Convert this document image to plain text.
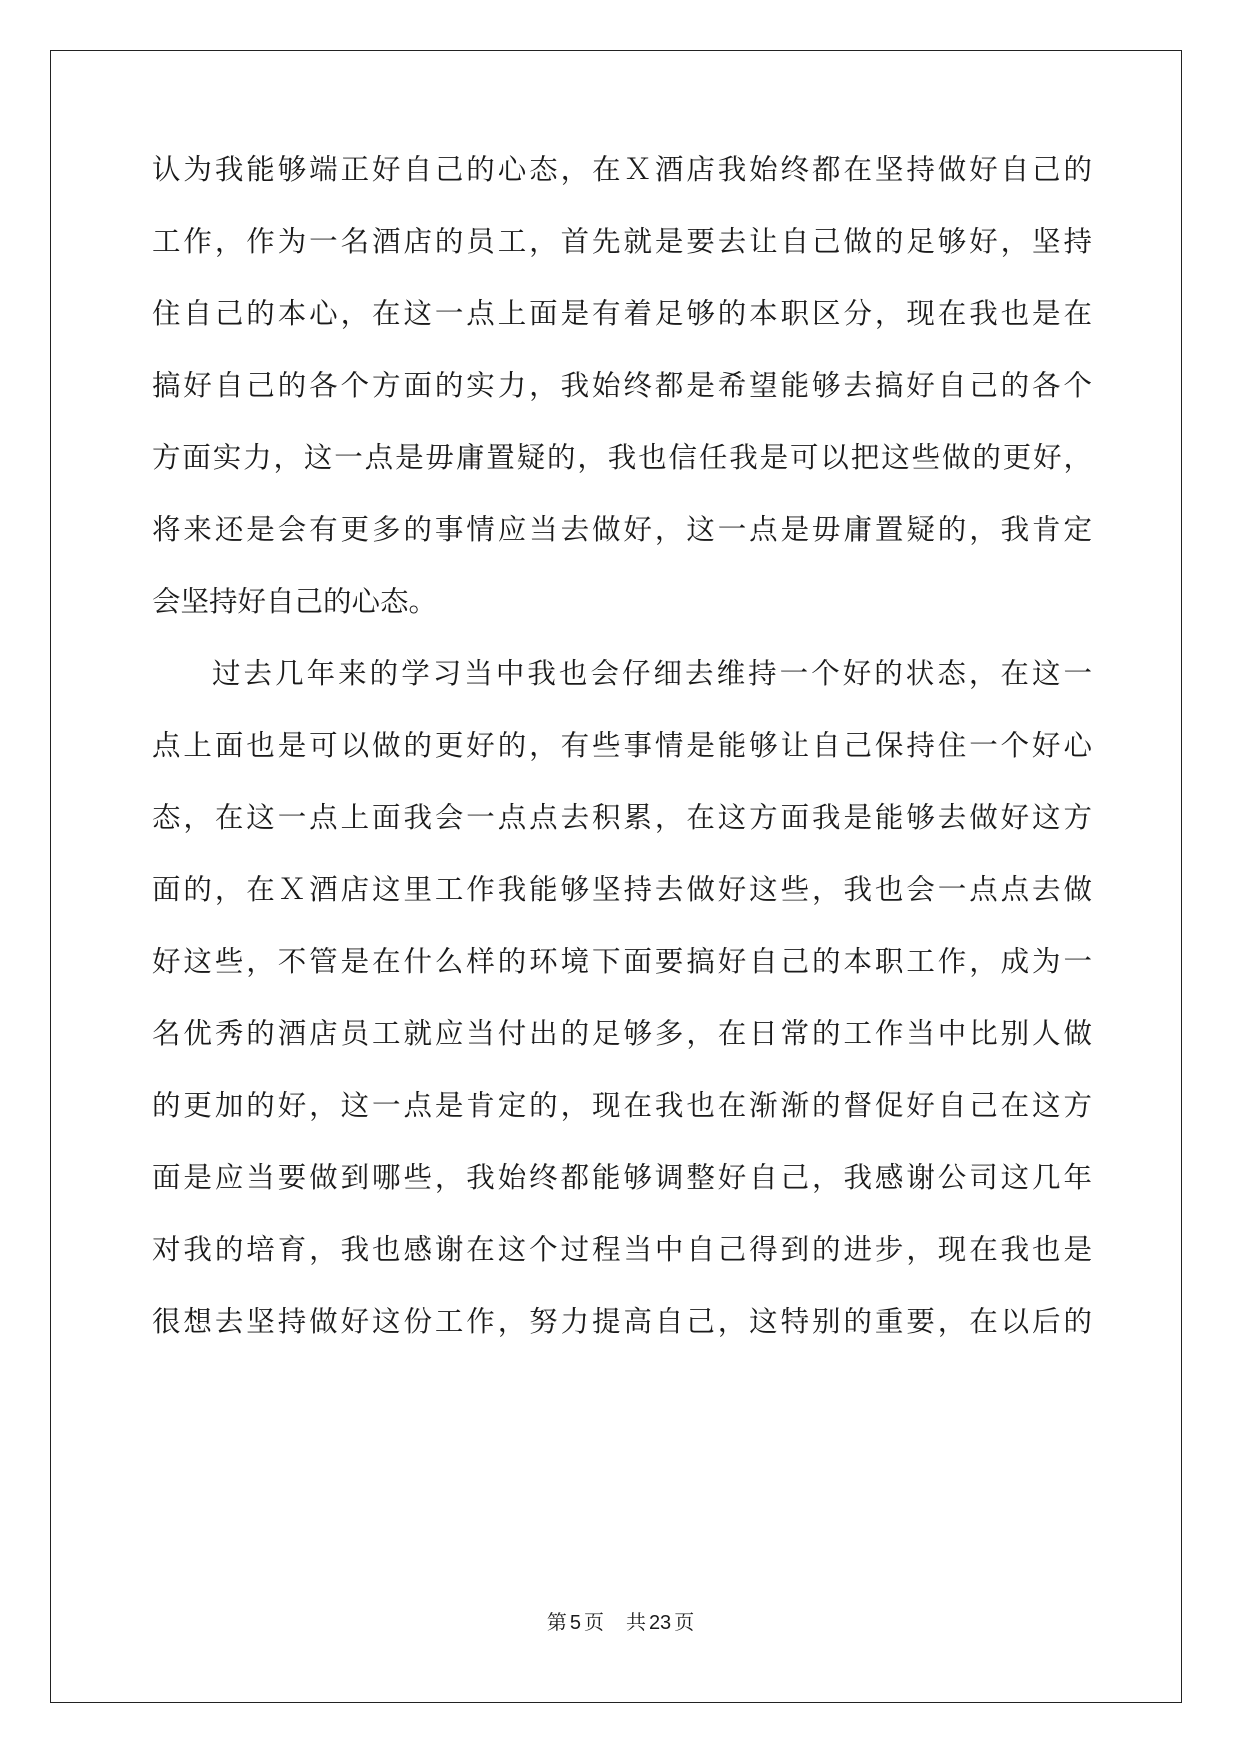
认为我能够端正好自己的心态，在Ｘ酒店我始终都在坚持做好自己的
工作，作为一名酒店的员工，首先就是要去让自己做的足够好，坚持
住自己的本心，在这一点上面是有着足够的本职区分，现在我也是在
搞好自己的各个方面的实力，我始终都是希望能够去搞好自己的各个
方面实力，这一点是毋庸置疑的，我也信任我是可以把这些做的更好，
将来还是会有更多的事情应当去做好，这一点是毋庸置疑的，我肯定
会坚持好自己的心态。
过去几年来的学习当中我也会仔细去维持一个好的状态，在这一
点上面也是可以做的更好的，有些事情是能够让自己保持住一个好心
态，在这一点上面我会一点点去积累，在这方面我是能够去做好这方
面的，在Ｘ酒店这里工作我能够坚持去做好这些，我也会一点点去做
好这些，不管是在什么样的环境下面要搞好自己的本职工作，成为一
名优秀的酒店员工就应当付出的足够多，在日常的工作当中比别人做
的更加的好，这一点是肯定的，现在我也在渐渐的督促好自己在这方
面是应当要做到哪些，我始终都能够调整好自己，我感谢公司这几年
对我的培育，我也感谢在这个过程当中自己得到的进步，现在我也是
很想去坚持做好这份工作，努力提高自己，这特别的重要，在以后的
第 5 页 共 23 页
